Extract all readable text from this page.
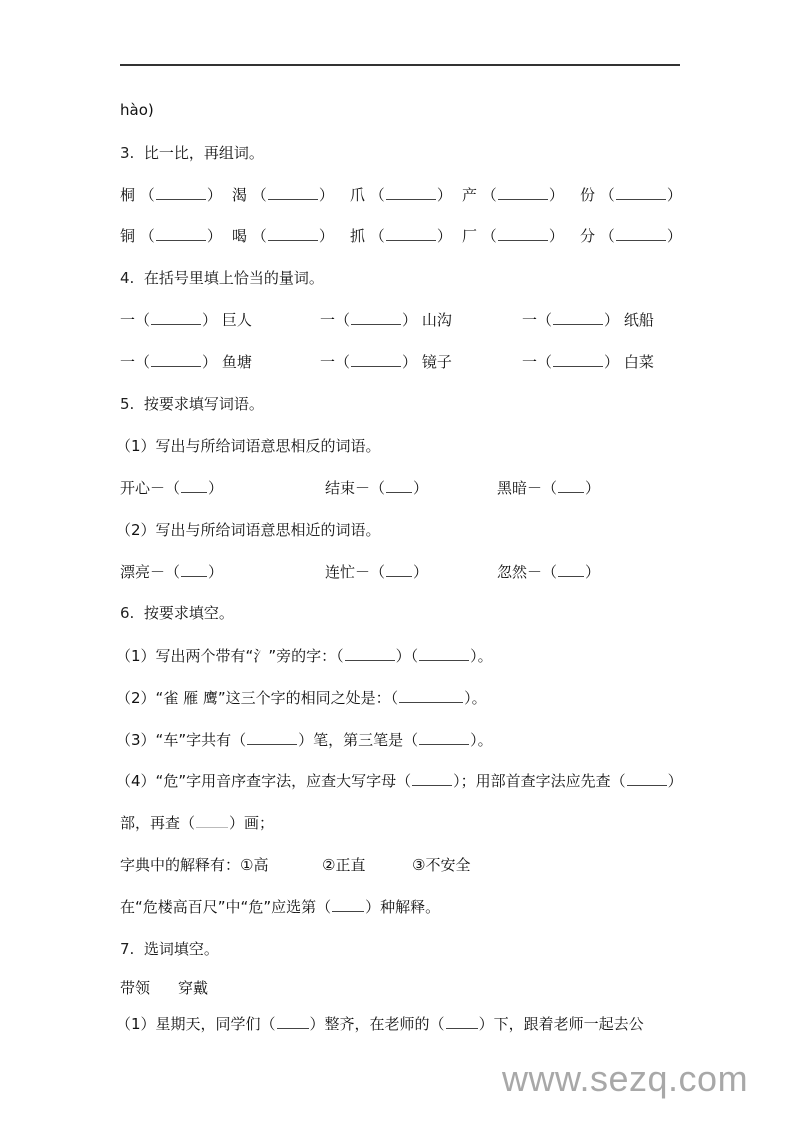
hào)
3. 比一比，再组词。
桐 （	） 渴 （	） 爪 （	） 产 （	） 份 （	）
铜 （	） 喝 （	） 抓 （	） 厂 （	） 分 （	）
4. 在括号里填上恰当的量词。
一（	） 巨人	一（	） 山沟	一（	） 纸船
一（	） 鱼塘	一（	） 镜子	一（	） 白菜
5. 按要求填写词语。
（1）写出与所给词语意思相反的词语。
开心－（ ）	结束－（ ）	黑暗－（ ）
（2）写出与所给词语意思相近的词语。
漂亮－（ ）	连忙－（ ）	忽然－（ ）
6. 按要求填空。
（1）写出两个带有“氵”旁的字：（	）（	）。
（2）“雀 雁 鹰”这三个字的相同之处是：（	）。
（3）“车”字共有（	）笔，第三笔是（	）。
（4）“危”字用音序查字法，应查大写字母（	）；用部首查字法应先查（	）
部，再查（ ）画；
字典中的解释有：①高	②正直	③不安全
在“危楼高百尺”中“危”应选第（ ）种解释。
7. 选词填空。
带领 穿戴
（1）星期天，同学们（ ）整齐，在老师的（ ）下，跟着老师一起去公
www.sezq.com
